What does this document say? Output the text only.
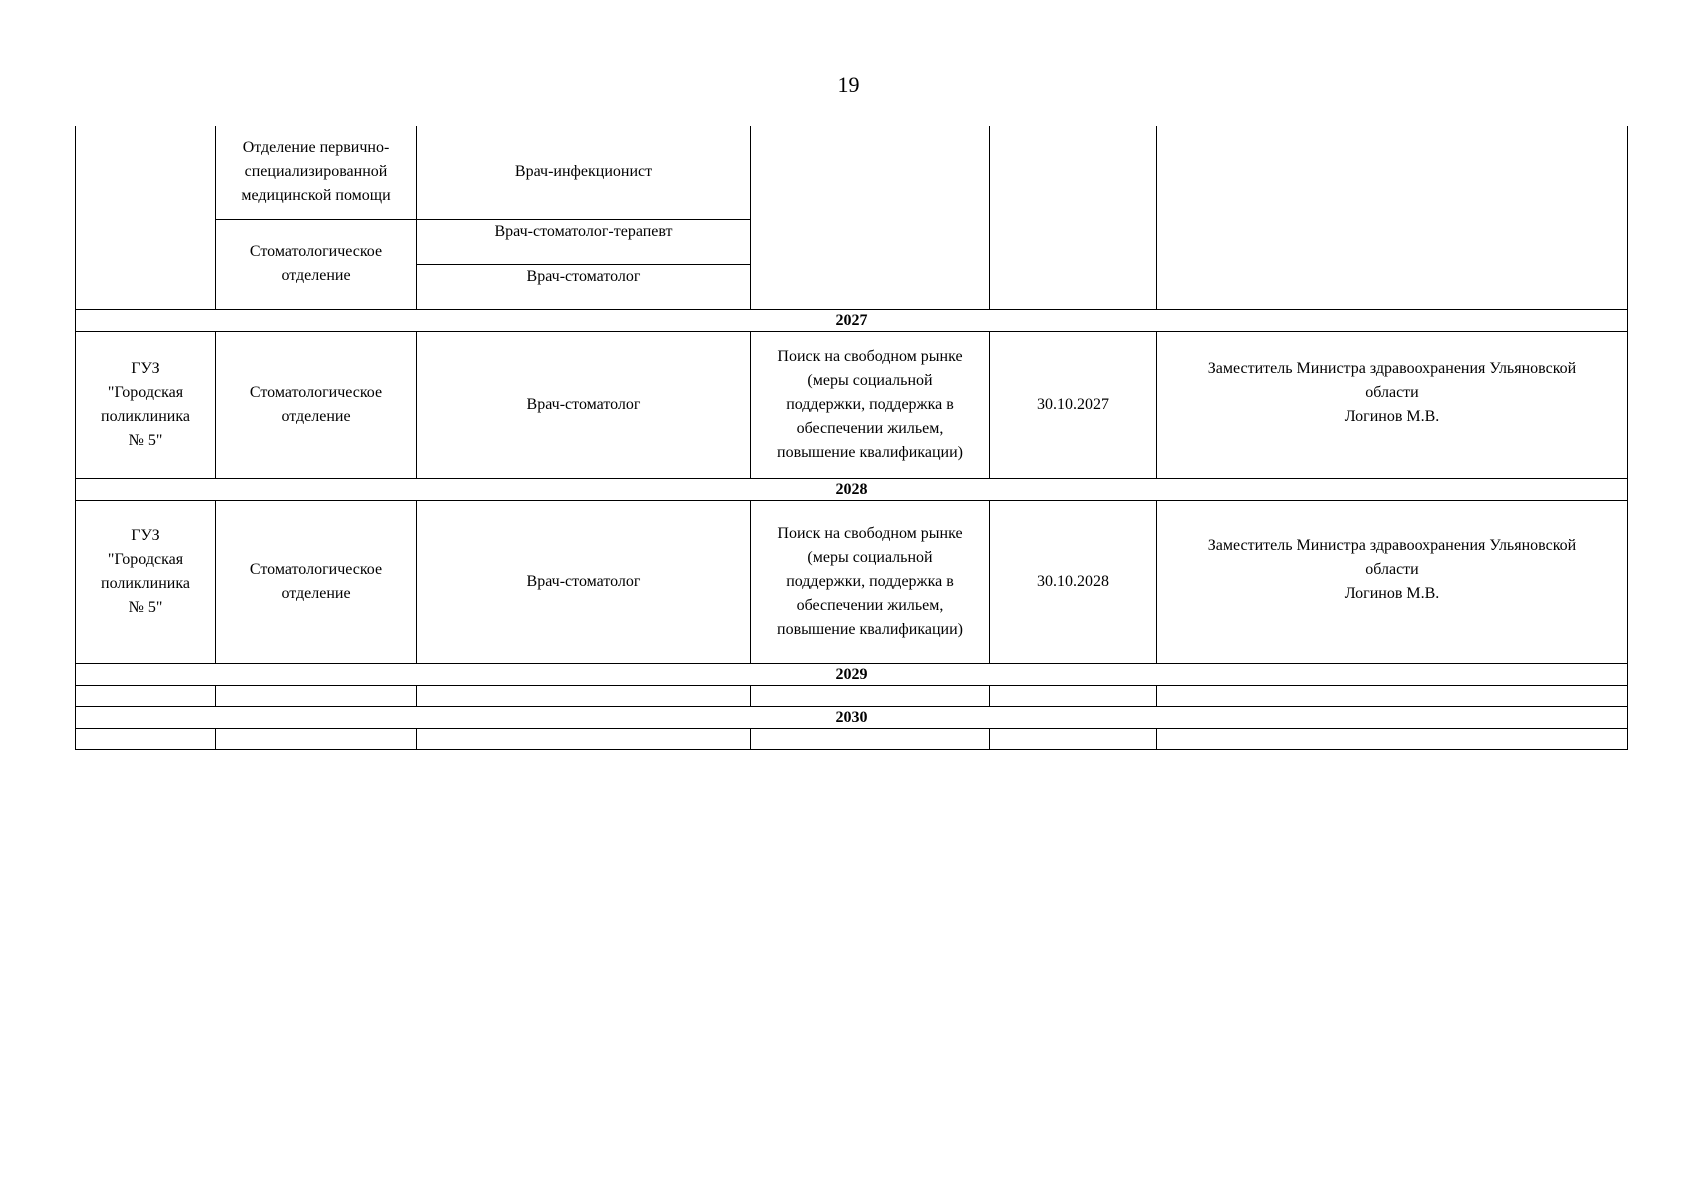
19
	Отделение первично-
специализированной
медицинской помощи	Врач-инфекционист			
	Стоматологическое
отделение	Врач-стоматолог-терапевт			
		Врач-стоматолог			
2027					
ГУЗ
"Городская
поликлиника
№ 5"	Стоматологическое
отделение	Врач-стоматолог	Поиск на свободном рынке
(меры социальной
поддержки, поддержка в
обеспечении жильем,
повышение квалификации)	30.10.2027	Заместитель Министра здравоохранения Ульяновской
области
Логинов М.В.
2028					
ГУЗ
"Городская
поликлиника
№ 5"	Стоматологическое
отделение	Врач-стоматолог	Поиск на свободном рынке
(меры социальной
поддержки, поддержка в
обеспечении жильем,
повышение квалификации)	30.10.2028	Заместитель Министра здравоохранения Ульяновской
области
Логинов М.В.
2029					

2030					
